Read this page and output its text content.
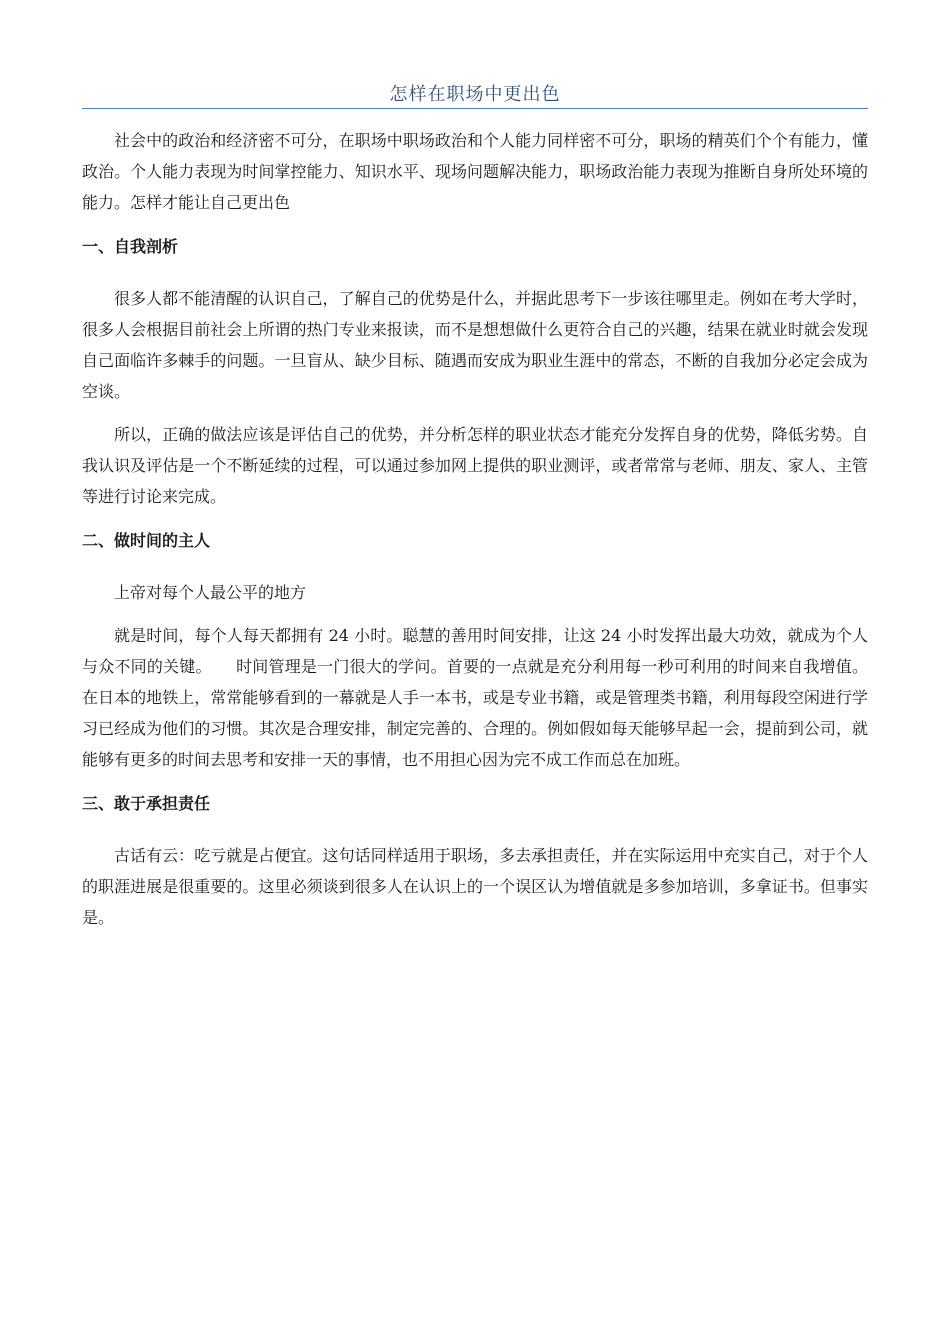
怎样在职场中更出色

社会中的政治和经济密不可分，在职场中职场政治和个人能力同样密不可分，职场的精英们个个有能力，懂政治。个人能力表现为时间掌控能力、知识水平、现场问题解决能力，职场政治能力表现为推断自身所处环境的能力。怎样才能让自己更出色

一、自我剖析

很多人都不能清醒的认识自己，了解自己的优势是什么，并据此思考下一步该往哪里走。例如在考大学时，很多人会根据目前社会上所谓的热门专业来报读，而不是想想做什么更符合自己的兴趣，结果在就业时就会发现自己面临许多棘手的问题。一旦盲从、缺少目标、随遇而安成为职业生涯中的常态，不断的自我加分必定会成为空谈。

所以，正确的做法应该是评估自己的优势，并分析怎样的职业状态才能充分发挥自身的优势，降低劣势。自我认识及评估是一个不断延续的过程，可以通过参加网上提供的职业测评，或者常常与老师、朋友、家人、主管等进行讨论来完成。

二、做时间的主人

上帝对每个人最公平的地方

就是时间，每个人每天都拥有 24 小时。聪慧的善用时间安排，让这 24 小时发挥出最大功效，就成为个人与众不同的关键。　　时间管理是一门很大的学问。首要的一点就是充分利用每一秒可利用的时间来自我增值。在日本的地铁上，常常能够看到的一幕就是人手一本书，或是专业书籍，或是管理类书籍，利用每段空闲进行学习已经成为他们的习惯。其次是合理安排，制定完善的、合理的。例如假如每天能够早起一会，提前到公司，就能够有更多的时间去思考和安排一天的事情，也不用担心因为完不成工作而总在加班。

三、敢于承担责任

古话有云：吃亏就是占便宜。这句话同样适用于职场，多去承担责任，并在实际运用中充实自己，对于个人的职涯进展是很重要的。这里必须谈到很多人在认识上的一个误区认为增值就是多参加培训，多拿证书。但事实是。
